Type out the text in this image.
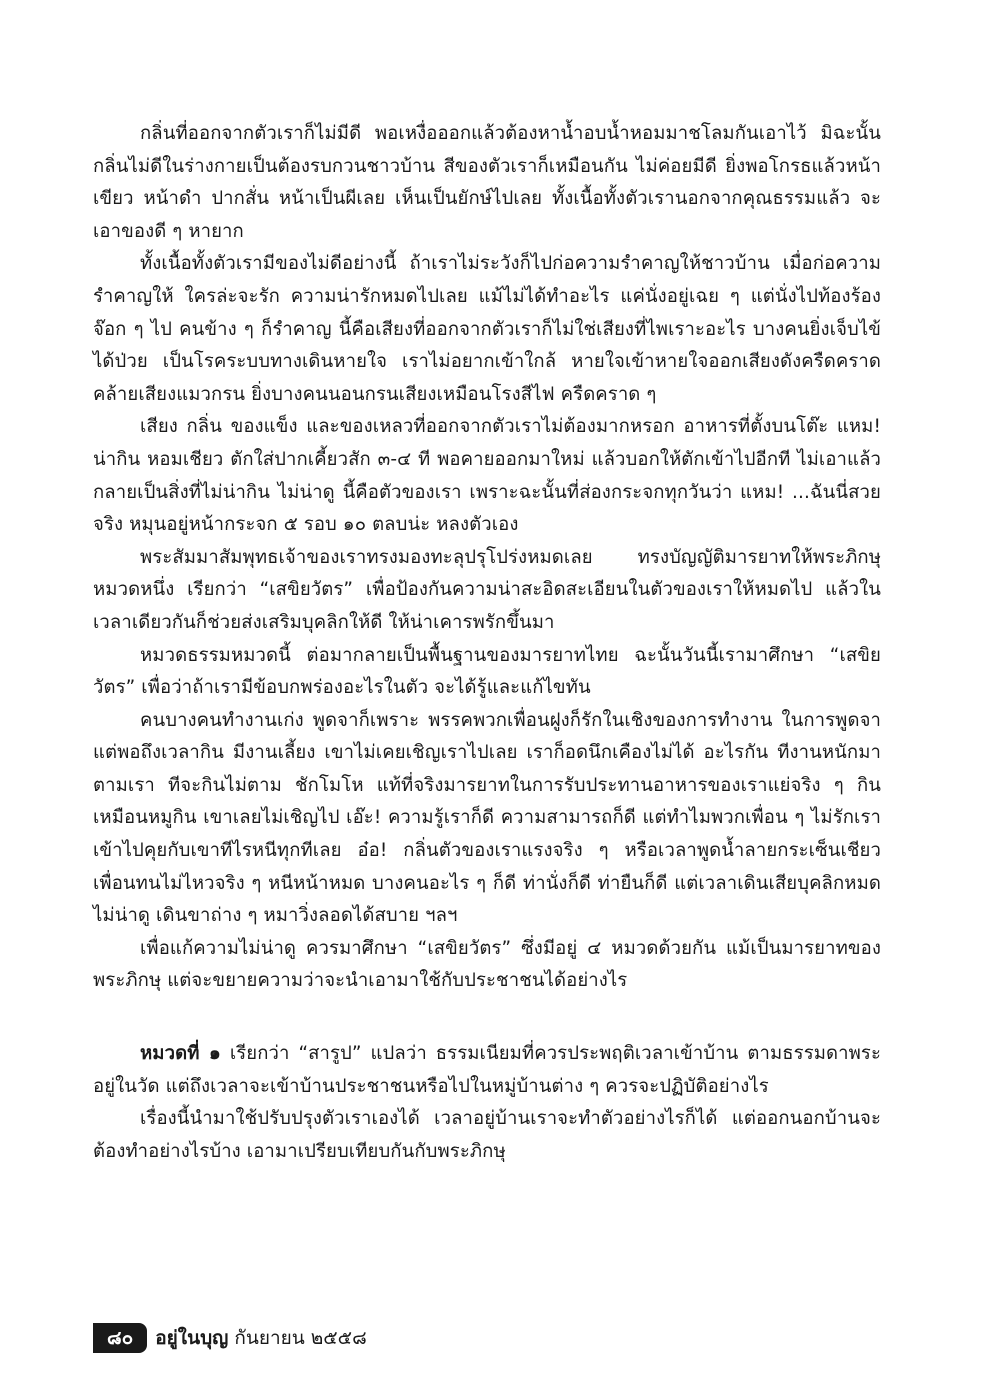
กลิ่นที่ออกจากตัวเราก็ไม่มีดี พอเหงื่อออกแล้วต้องหาน้ำอบน้ำหอมมาชโลมกันเอาไว้ มิฉะนั้นกลิ่นไม่ดีในร่างกายเป็นต้องรบกวนชาวบ้าน สีของตัวเราก็เหมือนกัน ไม่ค่อยมีดี ยิ่งพอโกรธแล้วหน้าเขียว หน้าดำ ปากสั่น หน้าเป็นผีเลย เห็นเป็นยักษ์ไปเลย ทั้งเนื้อทั้งตัวเรานอกจากคุณธรรมแล้ว จะเอาของดี ๆ หายาก

ทั้งเนื้อทั้งตัวเรามีของไม่ดีอย่างนี้ ถ้าเราไม่ระวังก็ไปก่อความรำคาญให้ชาวบ้าน เมื่อก่อความรำคาญให้ ใครล่ะจะรัก ความน่ารักหมดไปเลย แม้ไม่ได้ทำอะไร แค่นั่งอยู่เฉย ๆ แต่นั่งไปท้องร้องจ๊อก ๆ ไป คนข้าง ๆ ก็รำคาญ นี้คือเสียงที่ออกจากตัวเราก็ไม่ใช่เสียงที่ไพเราะอะไร บางคนยิ่งเจ็บไข้ได้ป่วย เป็นโรคระบบทางเดินหายใจ เราไม่อยากเข้าใกล้ หายใจเข้าหายใจออกเสียงดังครืดคราด คล้ายเสียงแมวกรน ยิ่งบางคนนอนกรนเสียงเหมือนโรงสีไฟ ครืดคราด ๆ

เสียง กลิ่น ของแข็ง และของเหลวที่ออกจากตัวเราไม่ต้องมากหรอก อาหารที่ตั้งบนโต๊ะ แหม! น่ากิน หอมเชียว ตักใส่ปากเคี้ยวสัก ๓-๔ ที พอคายออกมาใหม่ แล้วบอกให้ตักเข้าไปอีกที ไม่เอาแล้ว กลายเป็นสิ่งที่ไม่น่ากิน ไม่น่าดู นี้คือตัวของเรา เพราะฉะนั้นที่ส่องกระจกทุกวันว่า แหม! ...ฉันนี่สวยจริง หมุนอยู่หน้ากระจก ๕ รอบ ๑๐ ตลบน่ะ หลงตัวเอง

พระสัมมาสัมพุทธเจ้าของเราทรงมองทะลุปรุโปร่งหมดเลย ทรงบัญญัติมารยาทให้พระภิกษุหมวดหนึ่ง เรียกว่า “เสขิยวัตร” เพื่อป้องกันความน่าสะอิดสะเอียนในตัวของเราให้หมดไป แล้วในเวลาเดียวกันก็ช่วยส่งเสริมบุคลิกให้ดี ให้น่าเคารพรักขึ้นมา

หมวดธรรมหมวดนี้ ต่อมากลายเป็นพื้นฐานของมารยาทไทย ฉะนั้นวันนี้เรามาศึกษา “เสขิยวัตร” เพื่อว่าถ้าเรามีข้อบกพร่องอะไรในตัว จะได้รู้และแก้ไขทัน

คนบางคนทำงานเก่ง พูดจาก็เพราะ พรรคพวกเพื่อนฝูงก็รักในเชิงของการทำงาน ในการพูดจาแต่พอถึงเวลากิน มีงานเลี้ยง เขาไม่เคยเชิญเราไปเลย เราก็อดนึกเคืองไม่ได้ อะไรกัน ทีงานหนักมาตามเรา ทีจะกินไม่ตาม ชักโมโห แท้ที่จริงมารยาทในการรับประทานอาหารของเราแย่จริง ๆ กินเหมือนหมูกิน เขาเลยไม่เชิญไป เอ๊ะ! ความรู้เราก็ดี ความสามารถก็ดี แต่ทำไมพวกเพื่อน ๆ ไม่รักเรา เข้าไปคุยกับเขาทีไรหนีทุกทีเลย อ๋อ! กลิ่นตัวของเราแรงจริง ๆ หรือเวลาพูดน้ำลายกระเซ็นเชียว เพื่อนทนไม่ไหวจริง ๆ หนีหน้าหมด บางคนอะไร ๆ ก็ดี ท่านั่งก็ดี ท่ายืนก็ดี แต่เวลาเดินเสียบุคลิกหมด ไม่น่าดู เดินขาถ่าง ๆ หมาวิ่งลอดได้สบาย ฯลฯ

เพื่อแก้ความไม่น่าดู ควรมาศึกษา “เสขิยวัตร” ซึ่งมีอยู่ ๔ หมวดด้วยกัน แม้เป็นมารยาทของพระภิกษุ แต่จะขยายความว่าจะนำเอามาใช้กับประชาชนได้อย่างไร

หมวดที่ ๑ เรียกว่า “สารูป” แปลว่า ธรรมเนียมที่ควรประพฤติเวลาเข้าบ้าน ตามธรรมดาพระอยู่ในวัด แต่ถึงเวลาจะเข้าบ้านประชาชนหรือไปในหมู่บ้านต่าง ๆ ควรจะปฏิบัติอย่างไร

เรื่องนี้นำมาใช้ปรับปรุงตัวเราเองได้ เวลาอยู่บ้านเราจะทำตัวอย่างไรก็ได้ แต่ออกนอกบ้านจะต้องทำอย่างไรบ้าง เอามาเปรียบเทียบกันกับพระภิกษุ

๘๐	อยู่ในบุญ กันยายน ๒๕๕๘
